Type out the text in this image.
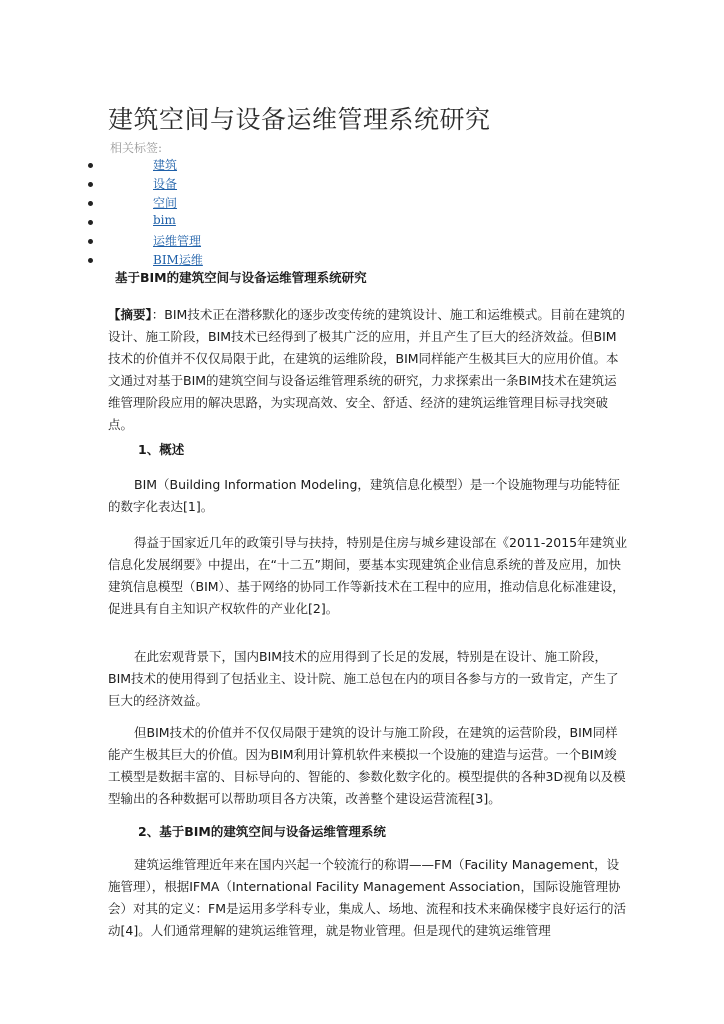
建筑空间与设备运维管理系统研究
相关标签:
建筑
设备
空间
bim
运维管理
BIM运维
基于BIM的建筑空间与设备运维管理系统研究

【摘要】：BIM技术正在潜移默化的逐步改变传统的建筑设计、施工和运维模式。目前在建筑的设计、施工阶段，BIM技术已经得到了极其广泛的应用，并且产生了巨大的经济效益。但BIM技术的价值并不仅仅局限于此，在建筑的运维阶段，BIM同样能产生极其巨大的应用价值。本文通过对基于BIM的建筑空间与设备运维管理系统的研究，力求探索出一条BIM技术在建筑运维管理阶段应用的解决思路，为实现高效、安全、舒适、经济的建筑运维管理目标寻找突破点。

1、概述

BIM（Building Information Modeling，建筑信息化模型）是一个设施物理与功能特征的数字化表达[1]。

得益于国家近几年的政策引导与扶持，特别是住房与城乡建设部在《2011-2015年建筑业信息化发展纲要》中提出，在“十二五”期间，要基本实现建筑企业信息系统的普及应用，加快建筑信息模型（BIM）、基于网络的协同工作等新技术在工程中的应用，推动信息化标准建设，促进具有自主知识产权软件的产业化[2]。

在此宏观背景下，国内BIM技术的应用得到了长足的发展，特别是在设计、施工阶段，BIM技术的使用得到了包括业主、设计院、施工总包在内的项目各参与方的一致肯定，产生了巨大的经济效益。

但BIM技术的价值并不仅仅局限于建筑的设计与施工阶段，在建筑的运营阶段，BIM同样能产生极其巨大的价值。因为BIM利用计算机软件来模拟一个设施的建造与运营。一个BIM竣工模型是数据丰富的、目标导向的、智能的、参数化数字化的。模型提供的各种3D视角以及模型输出的各种数据可以帮助项目各方决策，改善整个建设运营流程[3]。

2、基于BIM的建筑空间与设备运维管理系统

建筑运维管理近年来在国内兴起一个较流行的称谓——FM（Facility Management，设施管理），根据IFMA（International Facility Management Association，国际设施管理协会）对其的定义：FM是运用多学科专业，集成人、场地、流程和技术来确保楼宇良好运行的活动[4]。人们通常理解的建筑运维管理，就是物业管理。但是现代的建筑运维管理
